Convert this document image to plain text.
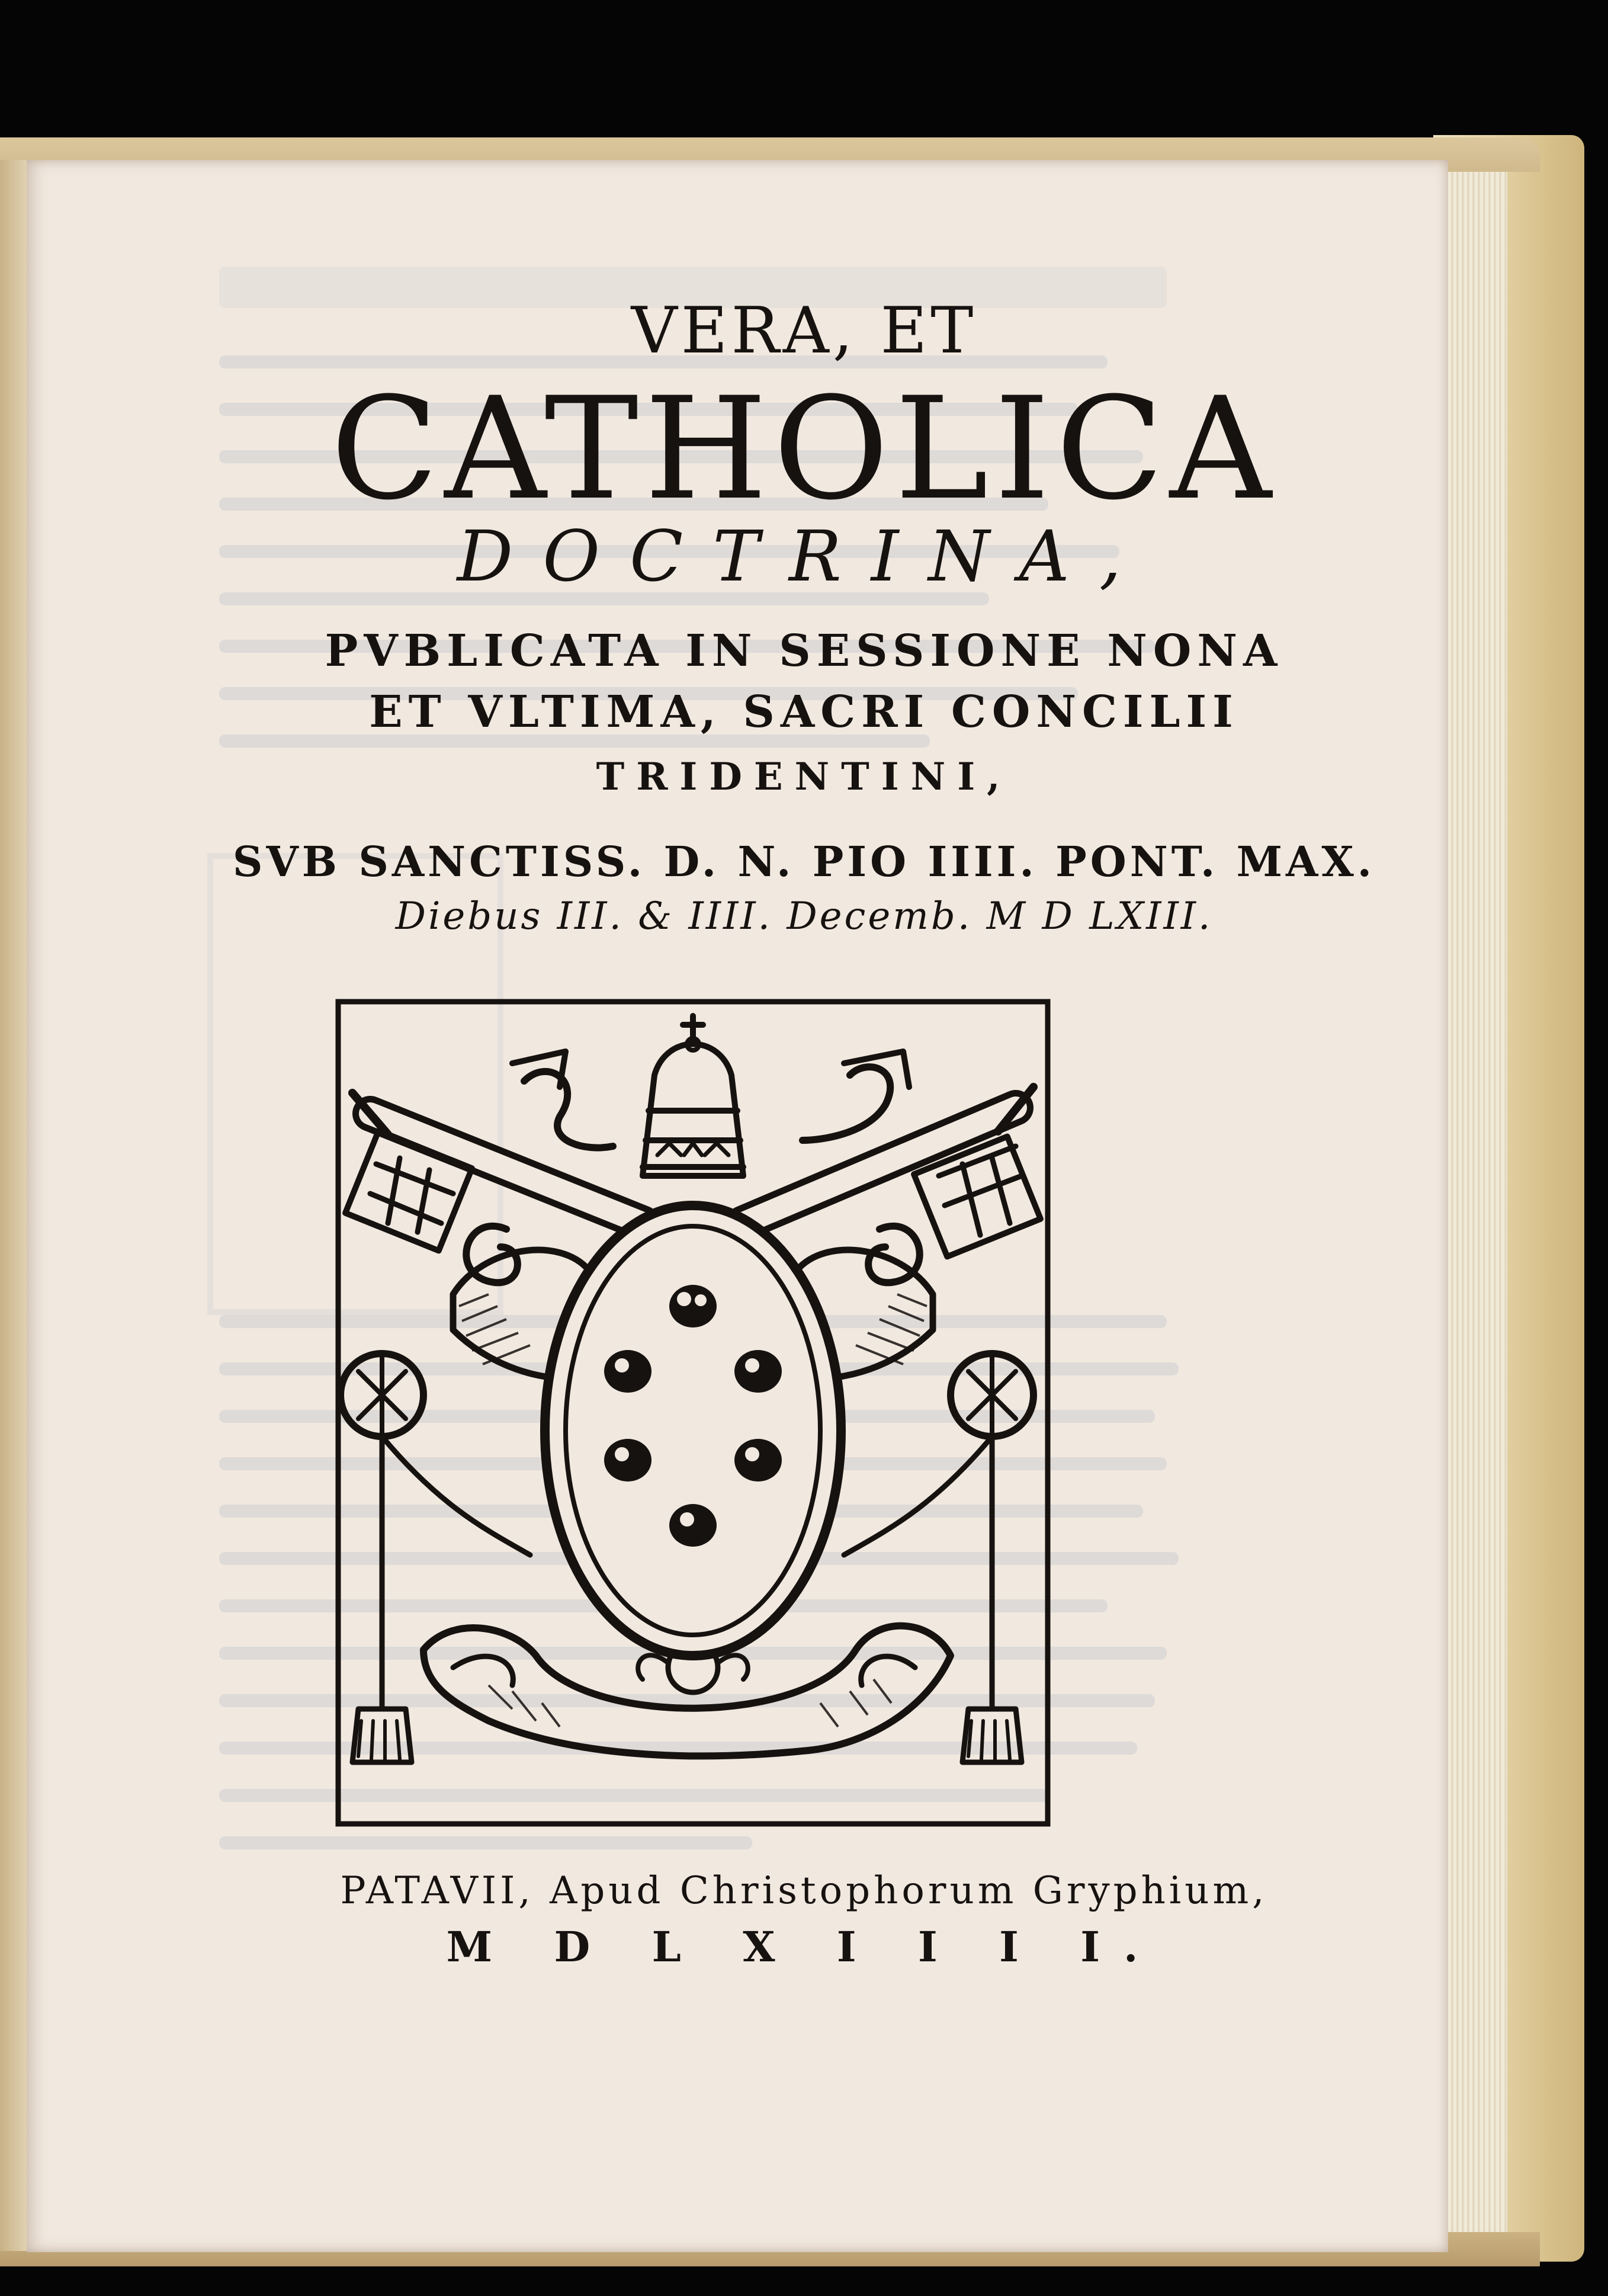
VERA, ET

CATHOLICA

DOCTRINA,

PVBLICATA IN SESSIONE NONA

ET VLTIMA, SACRI CONCILII

TRIDENTINI,

SVB SANCTISS. D. N. PIO IIII. PONT. MAX.

Diebus III. & IIII. Decemb. M D LXIII.

PATAVII, Apud Christophorum Gryphium,

M D L X I I I I.
